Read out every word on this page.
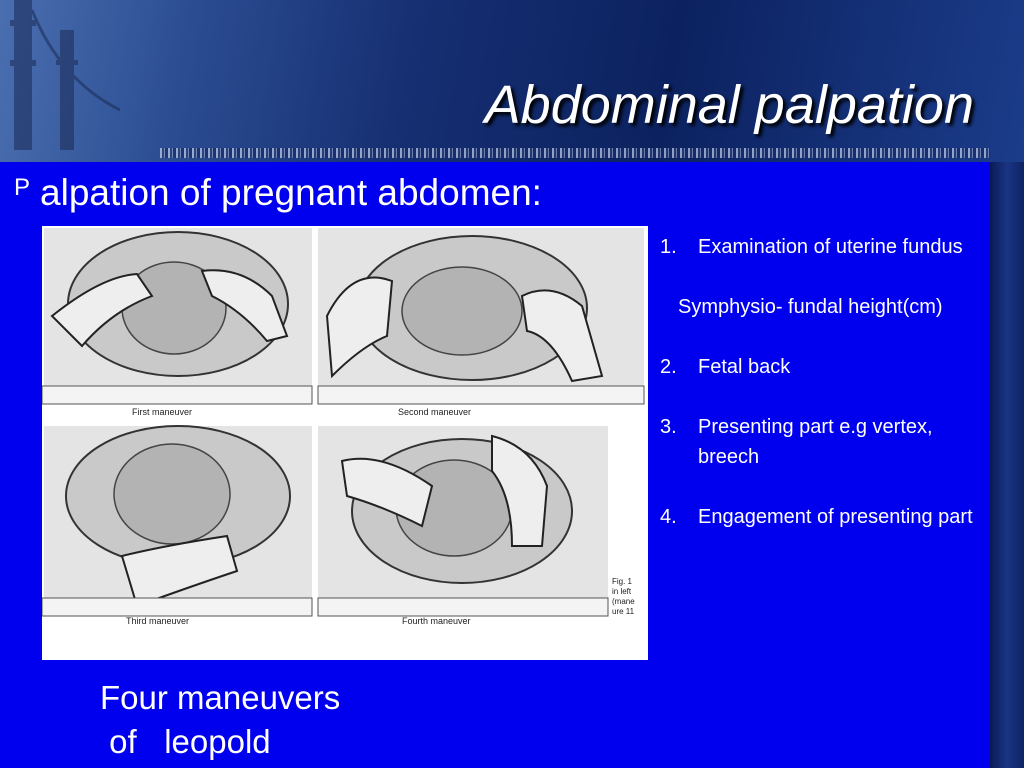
Abdominal palpation
$^P$ alpation of pregnant abdomen:
First maneuver	Second maneuver
Third maneuver	Fourth maneuver
Fig. 1
in left
(mane
ure 11
1. Examination of uterine fundus
Symphysio- fundal height(cm)
2. Fetal back
3. Presenting part e.g vertex, breech
4. Engagement of presenting part
Four maneuvers
of   leopold
